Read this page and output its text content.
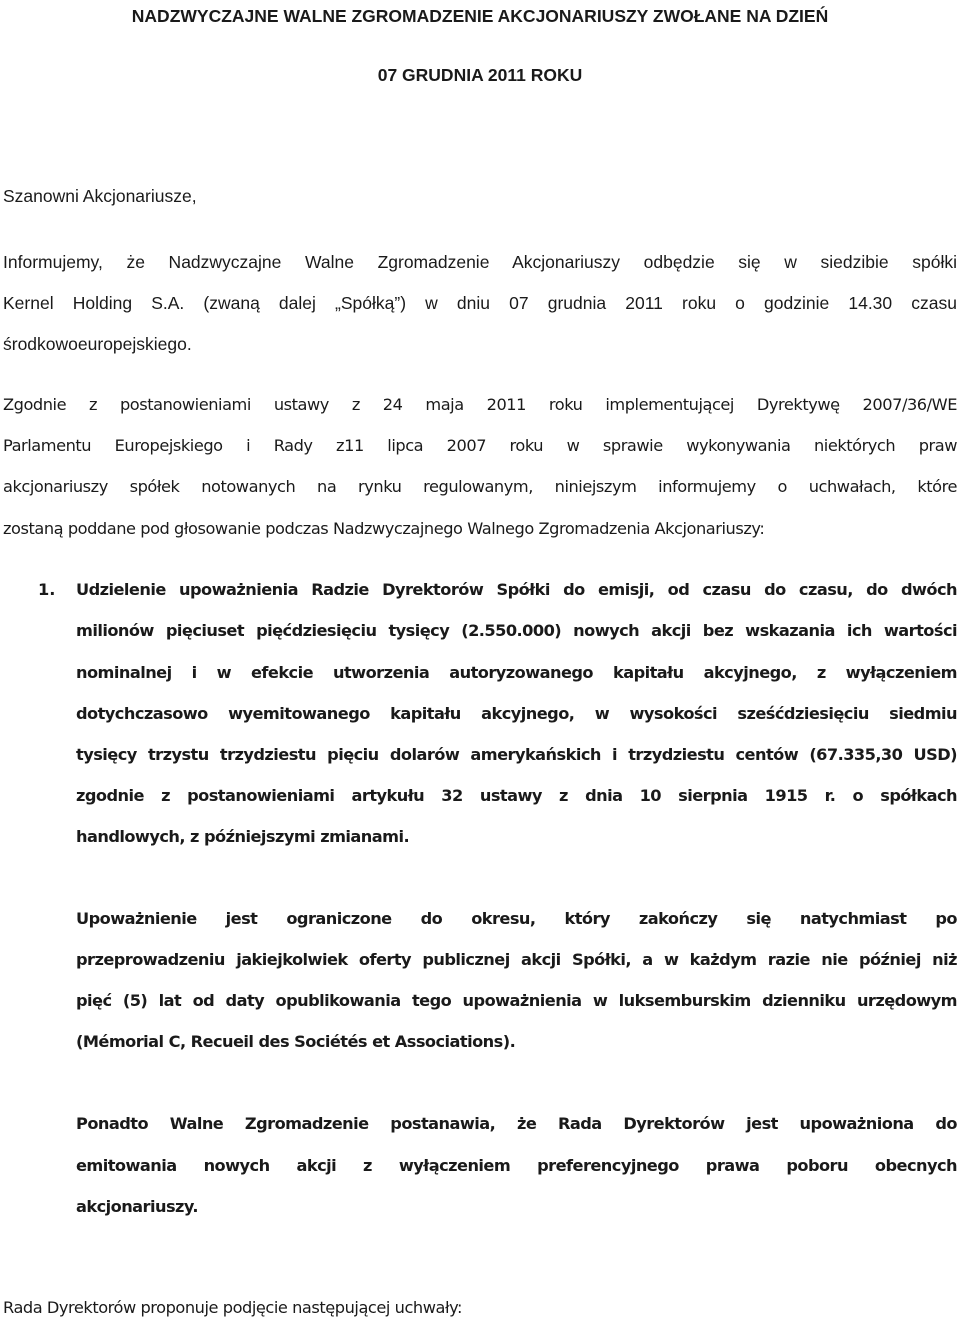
NADZWYCZAJNE WALNE ZGROMADZENIE AKCJONARIUSZY ZWOŁANE NA DZIEŃ
07 GRUDNIA 2011 ROKU
Szanowni Akcjonariusze,
Informujemy, że Nadzwyczajne Walne Zgromadzenie Akcjonariuszy odbędzie się w siedzibie spółki
Kernel Holding S.A. (zwaną dalej „Spółką”) w dniu 07 grudnia 2011 roku o godzinie 14.30 czasu
środkowoeuropejskiego.
Zgodnie z postanowieniami ustawy z 24 maja 2011 roku implementującej Dyrektywę 2007/36/WE
Parlamentu Europejskiego i Rady z11 lipca 2007 roku w sprawie wykonywania niektórych praw
akcjonariuszy spółek notowanych na rynku regulowanym, niniejszym informujemy o uchwałach, które
zostaną poddane pod głosowanie podczas Nadzwyczajnego Walnego Zgromadzenia Akcjonariuszy:
1. Udzielenie upoważnienia Radzie Dyrektorów Spółki do emisji, od czasu do czasu, do dwóch
milionów pięciuset pięćdziesięciu tysięcy (2.550.000) nowych akcji bez wskazania ich wartości
nominalnej i w efekcie utworzenia autoryzowanego kapitału akcyjnego, z wyłączeniem
dotychczasowo wyemitowanego kapitału akcyjnego, w wysokości sześćdziesięciu siedmiu
tysięcy trzystu trzydziestu pięciu dolarów amerykańskich i trzydziestu centów (67.335,30 USD)
zgodnie z postanowieniami artykułu 32 ustawy z dnia 10 sierpnia 1915 r. o spółkach
handlowych, z późniejszymi zmianami.
Upoważnienie jest ograniczone do okresu, który zakończy się natychmiast po
przeprowadzeniu jakiejkolwiek oferty publicznej akcji Spółki, a w każdym razie nie później niż
pięć (5) lat od daty opublikowania tego upoważnienia w luksemburskim dzienniku urzędowym
(Mémorial C, Recueil des Sociétés et Associations).
Ponadto Walne Zgromadzenie postanawia, że Rada Dyrektorów jest upoważniona do
emitowania nowych akcji z wyłączeniem preferencyjnego prawa poboru obecnych
akcjonariuszy.
Rada Dyrektorów proponuje podjęcie następującej uchwały:
